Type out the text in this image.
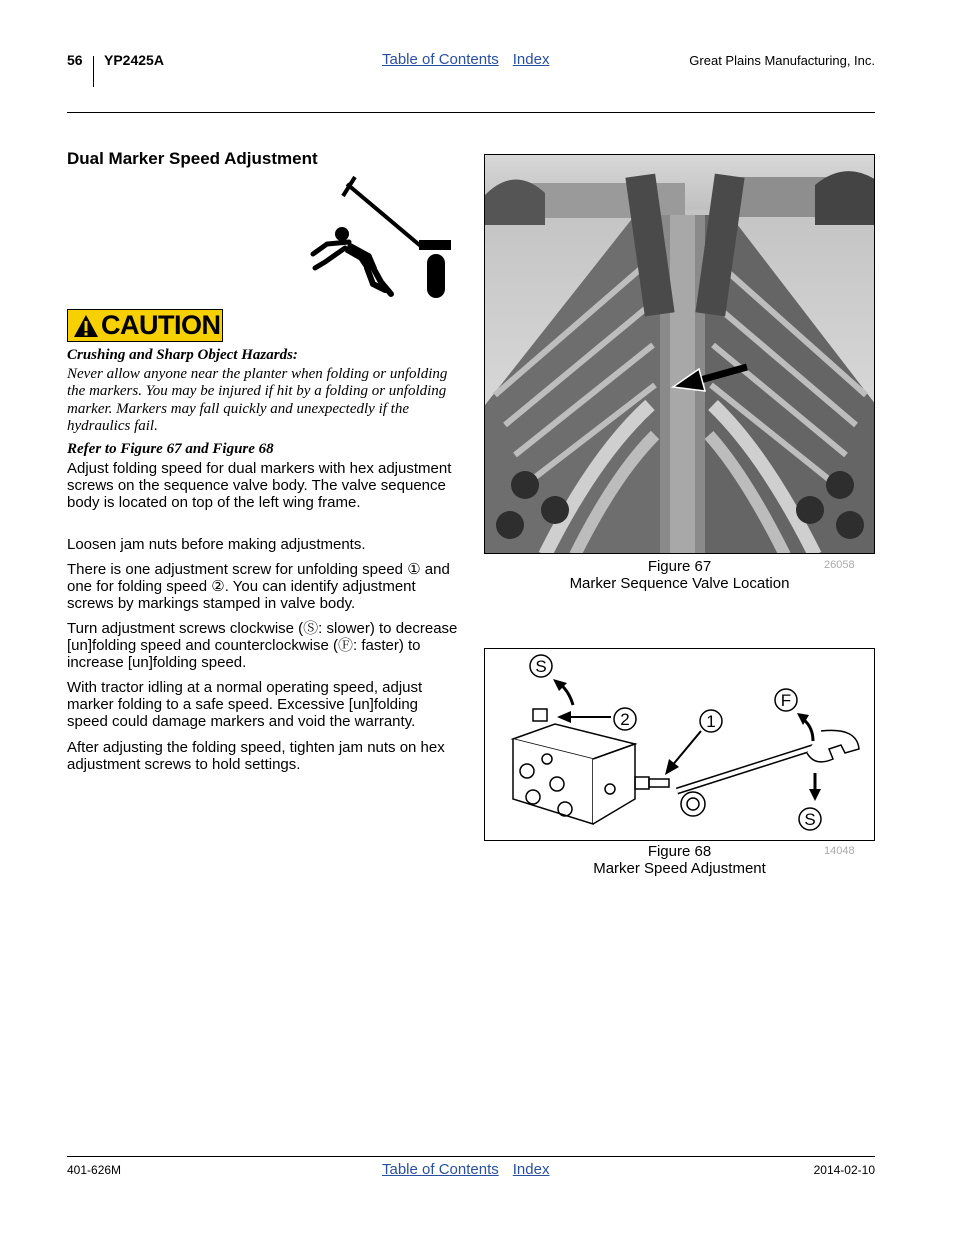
56 YP2425A	Table of Contents Index	Great Plains Manufacturing, Inc.
Dual Marker Speed Adjustment
CAUTION
Crushing and Sharp Object Hazards:
Never allow anyone near the planter when folding or unfolding the markers. You may be injured if hit by a folding or unfolding marker. Markers may fall quickly and unexpectedly if the hydraulics fail.
Refer to Figure 67 and Figure 68
Adjust folding speed for dual markers with hex adjustment screws on the sequence valve body. The valve sequence body is located on top of the left wing frame.
Loosen jam nuts before making adjustments.
There is one adjustment screw for unfolding speed ① and one for folding speed ②. You can identify adjustment screws by markings stamped in valve body.
Turn adjustment screws clockwise (Ⓢ: slower) to decrease [un]folding speed and counterclockwise (Ⓕ: faster) to increase [un]folding speed.
With tractor idling at a normal operating speed, adjust marker folding to a safe speed. Excessive [un]folding speed could damage markers and void the warranty.
After adjusting the folding speed, tighten jam nuts on hex adjustment screws to hold settings.
Figure 67
Marker Sequence Valve Location
26058
S
2	1
F
S
Figure 68
Marker Speed Adjustment
14048
401-626M	Table of Contents Index	2014-02-10
